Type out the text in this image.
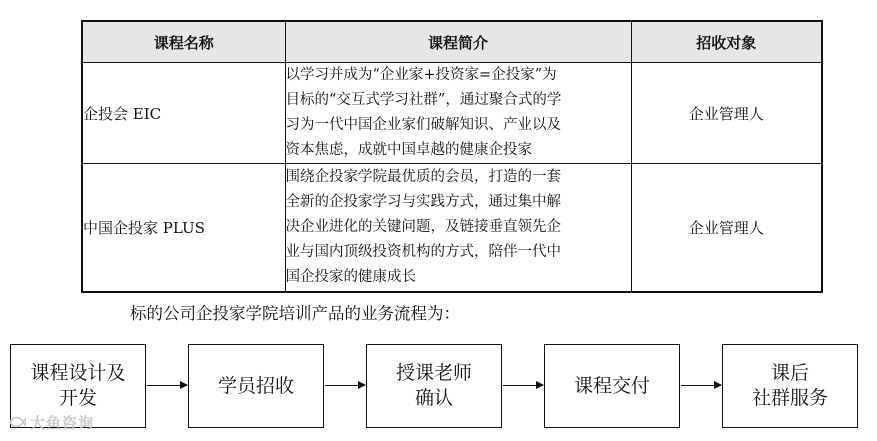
课程名称	课程简介	招收对象
企投会 EIC	以学习并成为“企业家+投资家=企投家”为
目标的“交互式学习社群”，通过聚合式的学
习为一代中国企业家们破解知识、产业以及
资本焦虑，成就中国卓越的健康企投家	企业管理人
中国企投家 PLUS	围绕企投家学院最优质的会员，打造的一套
全新的企投家学习与实践方式，通过集中解
决企业进化的关键问题，及链接垂直领先企
业与国内顶级投资机构的方式，陪伴一代中
国企投家的健康成长	企业管理人
标的公司企投家学院培训产品的业务流程为：
课程设计及
开发
学员招收
授课老师
确认
课程交付
课后
社群服务
大鱼咨询
